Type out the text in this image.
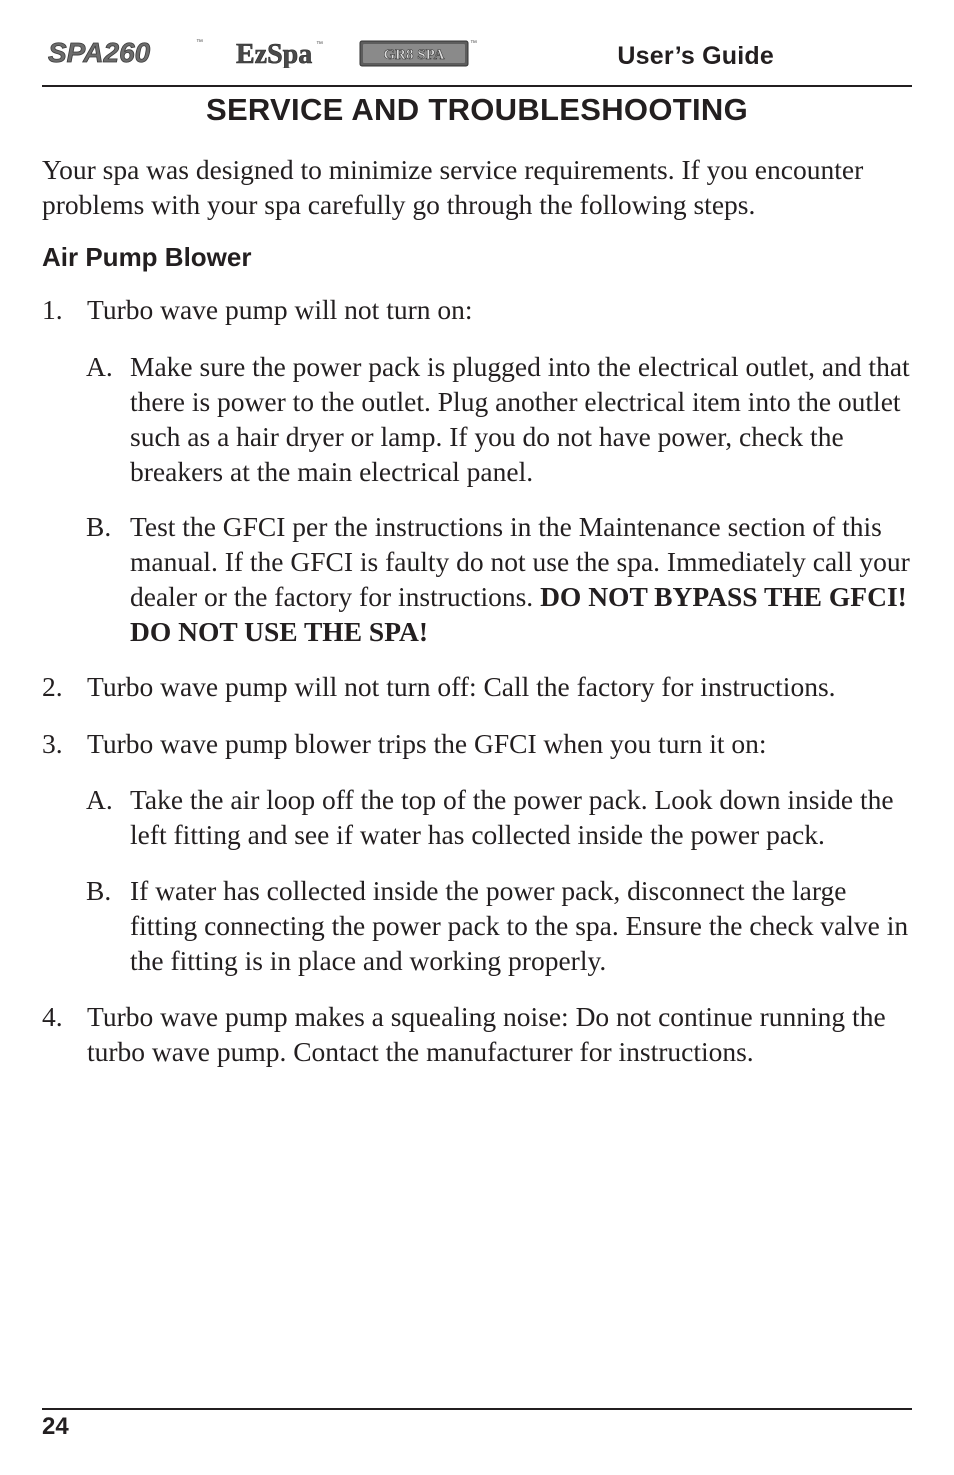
SPA260	™ EzSpa ™
GR8 SPA
™	User’s Guide
SERVICE AND TROUBLESHOOTING

Your spa was designed to minimize service requirements. If you encounter problems with your spa carefully go through the following steps.

Air Pump Blower
1. Turbo wave pump will not turn on:
A. Make sure the power pack is plugged into the electrical outlet, and that there is power to the outlet. Plug another electrical item into the outlet such as a hair dryer or lamp. If you do not have power, check the breakers at the main electrical panel.
B. Test the GFCI per the instructions in the Maintenance section of this manual. If the GFCI is faulty do not use the spa. Immediately call your dealer or the factory for instructions. DO NOT BYPASS THE GFCI! DO NOT USE THE SPA!
2. Turbo wave pump will not turn off: Call the factory for instructions.
3. Turbo wave pump blower trips the GFCI when you turn it on:
A. Take the air loop off the top of the power pack. Look down inside the left fitting and see if water has collected inside the power pack.
B. If water has collected inside the power pack, disconnect the large fitting connecting the power pack to the spa. Ensure the check valve in the fitting is in place and working properly.
4. Turbo wave pump makes a squealing noise: Do not continue running the turbo wave pump. Contact the manufacturer for instructions.
24
